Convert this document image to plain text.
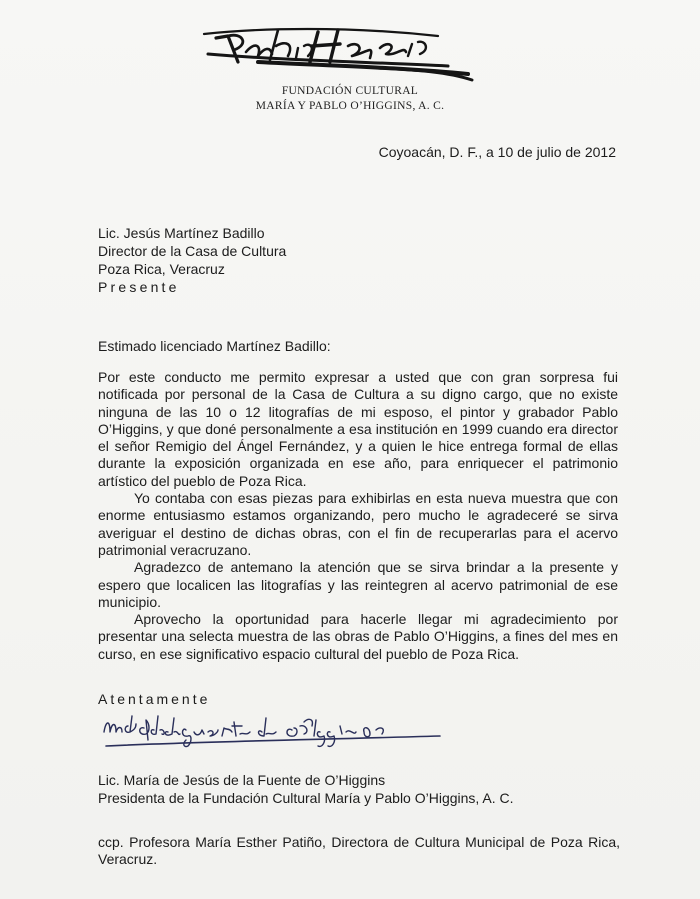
FUNDACIÓN CULTURAL
MARÍA Y PABLO O’HIGGINS, A. C.
Coyoacán, D. F., a 10 de julio de 2012
Lic. Jesús Martínez Badillo
Director de la Casa de Cultura
Poza Rica, Veracruz
Presente
Estimado licenciado Martínez Badillo:

Por este conducto me permito expresar a usted que con gran sorpresa fui notificada por personal de la Casa de Cultura a su digno cargo, que no existe ninguna de las 10 o 12 litografías de mi esposo, el pintor y grabador Pablo O’Higgins, y que doné personalmente a esa institución en 1999 cuando era director el señor Remigio del Ángel Fernández, y a quien le hice entrega formal de ellas durante la exposición organizada en ese año, para enriquecer el patrimonio artístico del pueblo de Poza Rica.

Yo contaba con esas piezas para exhibirlas en esta nueva muestra que con enorme entusiasmo estamos organizando, pero mucho le agradeceré se sirva averiguar el destino de dichas obras, con el fin de recuperarlas para el acervo patrimonial veracruzano.

Agradezco de antemano la atención que se sirva brindar a la presente y espero que localicen las litografías y las reintegren al acervo patrimonial de ese municipio.

Aprovecho la oportunidad para hacerle llegar mi agradecimiento por presentar una selecta muestra de las obras de Pablo O’Higgins, a fines del mes en curso, en ese significativo espacio cultural del pueblo de Poza Rica.

Atentamente
Lic. María de Jesús de la Fuente de O’Higgins
Presidenta de la Fundación Cultural María y Pablo O’Higgins, A. C.
ccp. Profesora María Esther Patiño, Directora de Cultura Municipal de Poza Rica, Veracruz.
